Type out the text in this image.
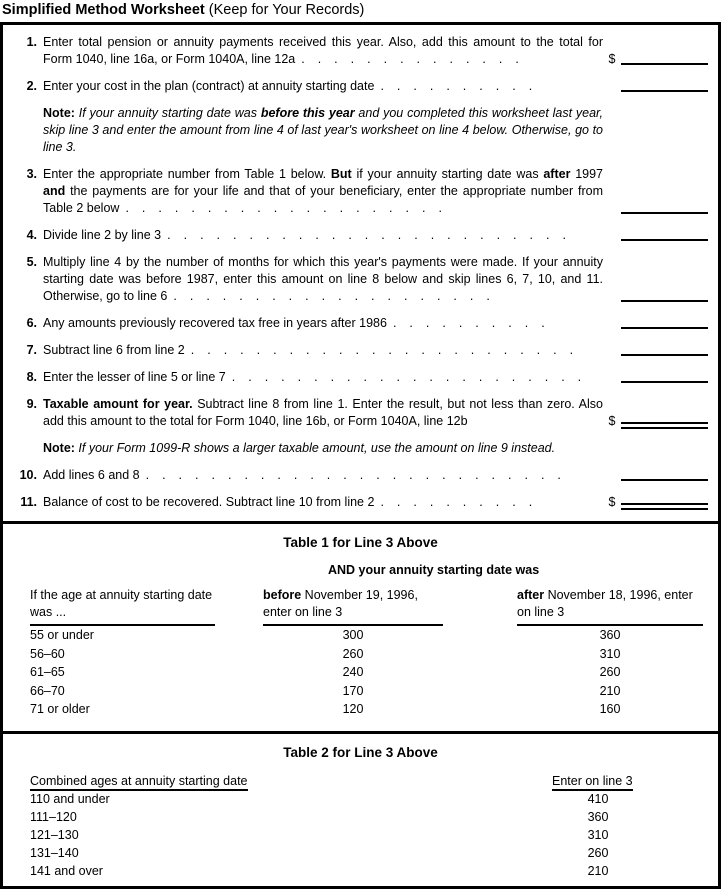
Simplified Method Worksheet (Keep for Your Records)
1. Enter total pension or annuity payments received this year. Also, add this amount to the total for Form 1040, line 16a, or Form 1040A, line 12a ..............	$
2. Enter your cost in the plan (contract) at annuity starting date ..........
Note: If your annuity starting date was before this year and you completed this worksheet last year, skip line 3 and enter the amount from line 4 of last year's worksheet on line 4 below. Otherwise, go to line 3.
3. Enter the appropriate number from Table 1 below. But if your annuity starting date was after 1997 and the payments are for your life and that of your beneficiary, enter the appropriate number from Table 2 below ....................
4. Divide line 2 by line 3 .........................
5. Multiply line 4 by the number of months for which this year's payments were made. If your annuity starting date was before 1987, enter this amount on line 8 below and skip lines 6, 7, 10, and 11. Otherwise, go to line 6 ....................
6. Any amounts previously recovered tax free in years after 1986 ..........
7. Subtract line 6 from line 2 ........................
8. Enter the lesser of line 5 or line 7 ......................
9. Taxable amount for year. Subtract line 8 from line 1. Enter the result, but not less than zero. Also add this amount to the total for Form 1040, line 16b, or Form 1040A, line 12b	$
Note: If your Form 1099-R shows a larger taxable amount, use the amount on line 9 instead.
10. Add lines 6 and 8 ..........................
11. Balance of cost to be recovered. Subtract line 10 from line 2 ..........	$
Table 1 for Line 3 Above
AND your annuity starting date was
If the age at annuity starting date was ...
before November 19, 1996, enter on line 3
after November 18, 1996, enter on line 3
55 or under	300	360
56–60	260	310
61–65	240	260
66–70	170	210
71 or older	120	160
Table 2 for Line 3 Above
Combined ages at annuity starting date	Enter on line 3
110 and under	410
111–120	360
121–130	310
131–140	260
141 and over	210
